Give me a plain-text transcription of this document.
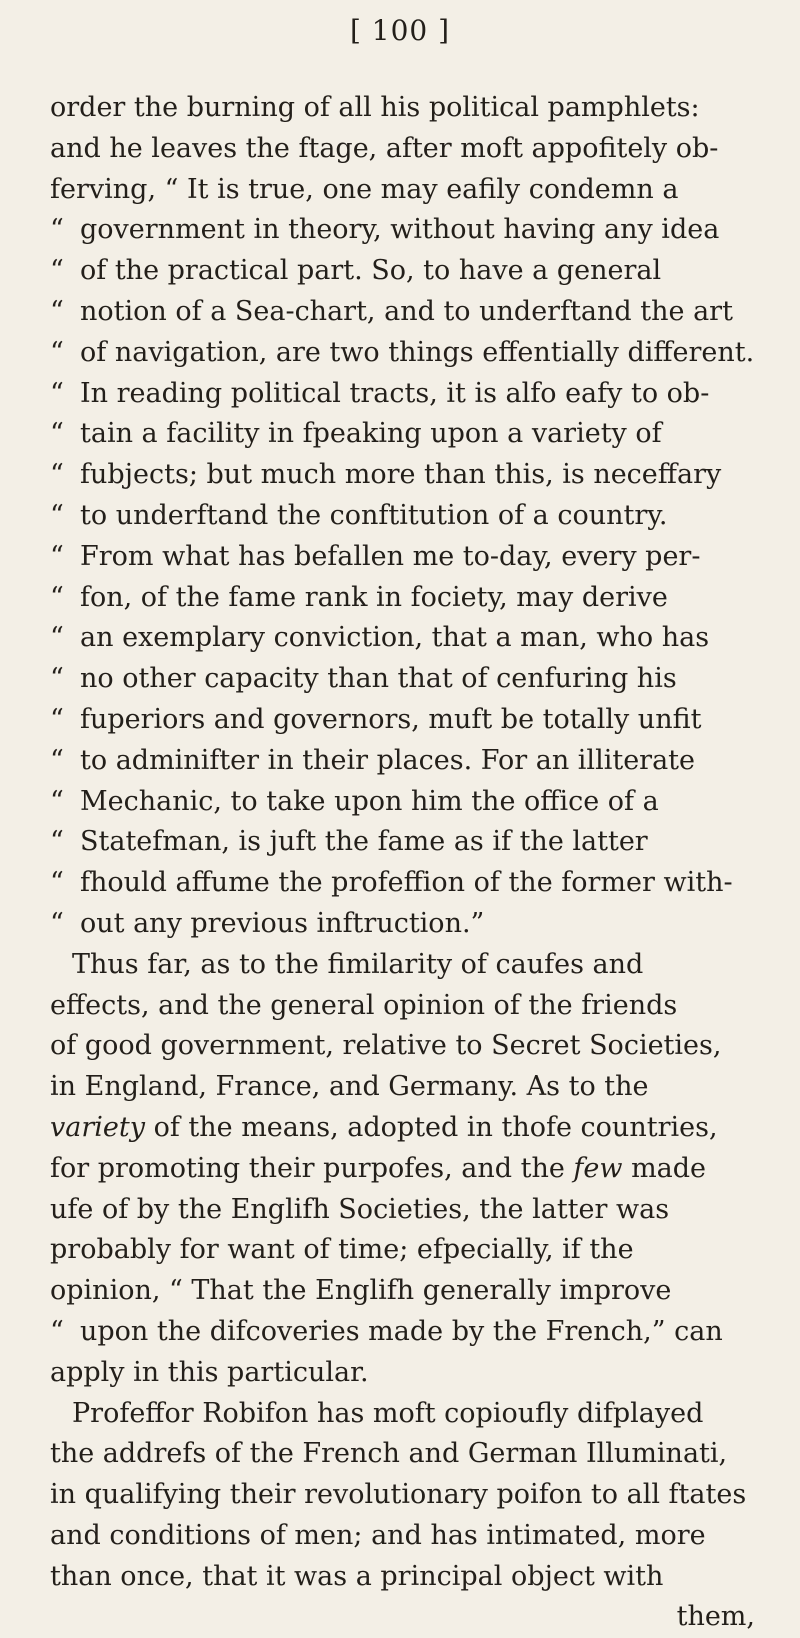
[ 100 ]
order the burning of all his political pamphlets:
and he leaves the ftage, after moft appofitely ob-
ferving, “ It is true, one may eafily condemn a
“ government in theory, without having any idea
“ of the practical part. So, to have a general
“ notion of a Sea-chart, and to underftand the art
“ of navigation, are two things effentially different.
“ In reading political tracts, it is alfo eafy to ob-
“ tain a facility in fpeaking upon a variety of
“ fubjects; but much more than this, is neceffary
“ to underftand the conftitution of a country.
“ From what has befallen me to-day, every per-
“ fon, of the fame rank in fociety, may derive
“ an exemplary conviction, that a man, who has
“ no other capacity than that of cenfuring his
“ fuperiors and governors, muft be totally unfit
“ to adminifter in their places. For an illiterate
“ Mechanic, to take upon him the office of a
“ Statefman, is juft the fame as if the latter
“ fhould affume the profeffion of the former with-
“ out any previous inftruction.”
Thus far, as to the fimilarity of caufes and
effects, and the general opinion of the friends
of good government, relative to Secret Societies,
in England, France, and Germany. As to the
variety of the means, adopted in thofe countries,
for promoting their purpofes, and the few made
ufe of by the Englifh Societies, the latter was
probably for want of time; efpecially, if the
opinion, “ That the Englifh generally improve
“ upon the difcoveries made by the French,” can
apply in this particular.
Profeffor Robifon has moft copioufly difplayed
the addrefs of the French and German Illuminati,
in qualifying their revolutionary poifon to all ftates
and conditions of men; and has intimated, more
than once, that it was a principal object with
them,
